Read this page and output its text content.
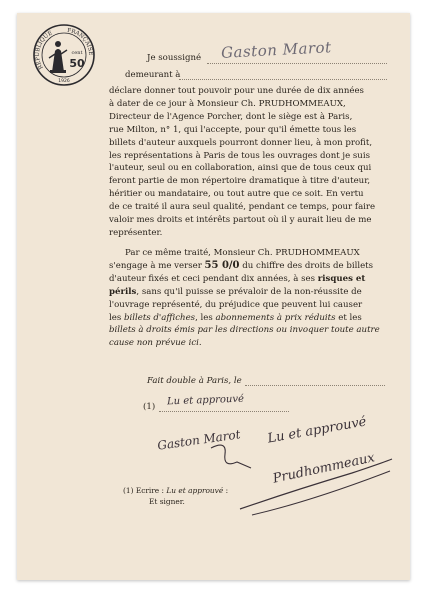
RÉPUBLIQUE FRANÇAISE
cent
50
1926
Je soussigné	Gaston Marot
demeurant à
déclare donner tout pouvoir pour une durée de dix années
à dater de ce jour à Monsieur Ch. PRUDHOMMEAUX,
Directeur de l'Agence Porcher, dont le siège est à Paris,
rue Milton, n° 1, qui l'accepte, pour qu'il émette tous les
billets d'auteur auxquels pourront donner lieu, à mon profit,
les représentations à Paris de tous les ouvrages dont je suis
l'auteur, seul ou en collaboration, ainsi que de tous ceux qui
feront partie de mon répertoire dramatique à titre d'auteur,
héritier ou mandataire, ou tout autre que ce soit. En vertu
de ce traité il aura seul qualité, pendant ce temps, pour faire
valoir mes droits et intérêts partout où il y aurait lieu de me
représenter.
Par ce même traité, Monsieur Ch. PRUDHOMMEAUX
s'engage à me verser 55 0/0 du chiffre des droits de billets
d'auteur fixés et ceci pendant dix années, à ses risques et
périls, sans qu'il puisse se prévaloir de la non-réussite de
l'ouvrage représenté, du préjudice que peuvent lui causer
les billets d'affiches, les abonnements à prix réduits et les
billets à droits émis par les directions ou invoquer toute autre
cause non prévue ici.
Fait double à Paris, le
(1)	Lu et approuvé
Gaston Marot Lu et approuvé
Prudhommeaux
(1) Ecrire : Lu et approuvé :
Et signer.
